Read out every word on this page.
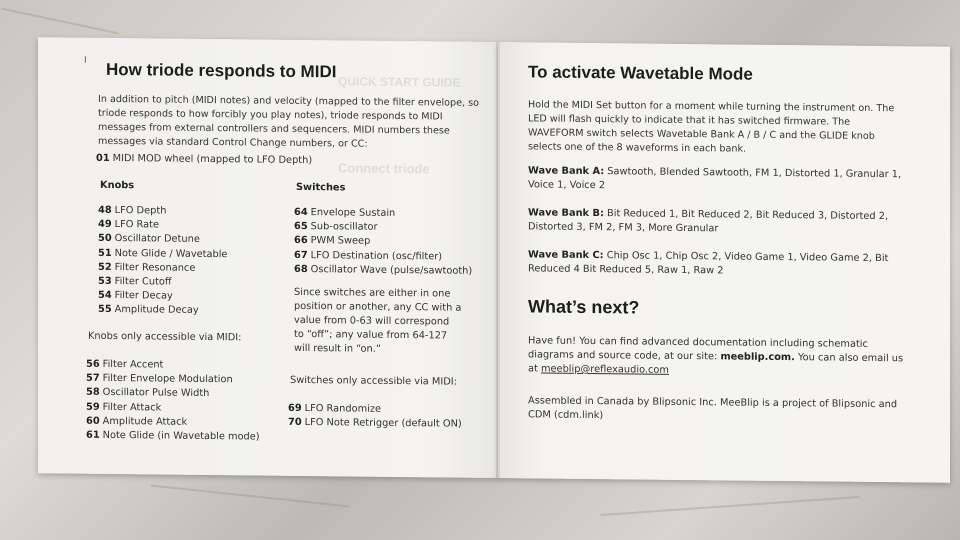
I
QUICK START GUIDE
Connect triode
How triode responds to MIDI
In addition to pitch (MIDI notes) and velocity (mapped to the filter envelope, so triode responds to how forcibly you play notes), triode responds to MIDI messages from external controllers and sequencers. MIDI numbers these messages via standard Control Change numbers, or CC:
01 MIDI MOD wheel (mapped to LFO Depth)
Knobs	Switches
48 LFO Depth
49 LFO Rate
50 Oscillator Detune
51 Note Glide / Wavetable
52 Filter Resonance
53 Filter Cutoff
54 Filter Decay
55 Amplitude Decay
64 Envelope Sustain
65 Sub-oscillator
66 PWM Sweep
67 LFO Destination (osc/filter)
68 Oscillator Wave (pulse/sawtooth)
Since switches are either in one position or another, any CC with a value from 0-63 will correspond to “off”; any value from 64-127 will result in “on.”
Knobs only accessible via MIDI:
56 Filter Accent
57 Filter Envelope Modulation
58 Oscillator Pulse Width
59 Filter Attack
60 Amplitude Attack
61 Note Glide (in Wavetable mode)
Switches only accessible via MIDI:
69 LFO Randomize
70 LFO Note Retrigger (default ON)
To activate Wavetable Mode
Hold the MIDI Set button for a moment while turning the instrument on. The LED will flash quickly to indicate that it has switched firmware. The WAVEFORM switch selects Wavetable Bank A / B / C and the GLIDE knob selects one of the 8 waveforms in each bank.
Wave Bank A: Sawtooth, Blended Sawtooth, FM 1, Distorted 1, Granular 1, Voice 1, Voice 2
Wave Bank B: Bit Reduced 1, Bit Reduced 2, Bit Reduced 3, Distorted 2, Distorted 3, FM 2, FM 3, More Granular
Wave Bank C: Chip Osc 1, Chip Osc 2, Video Game 1, Video Game 2, Bit Reduced 4 Bit Reduced 5, Raw 1, Raw 2
What’s next?
Have fun! You can find advanced documentation including schematic diagrams and source code, at our site: meeblip.com. You can also email us at meeblip@reflexaudio.com
Assembled in Canada by Blipsonic Inc. MeeBlip is a project of Blipsonic and CDM (cdm.link)
